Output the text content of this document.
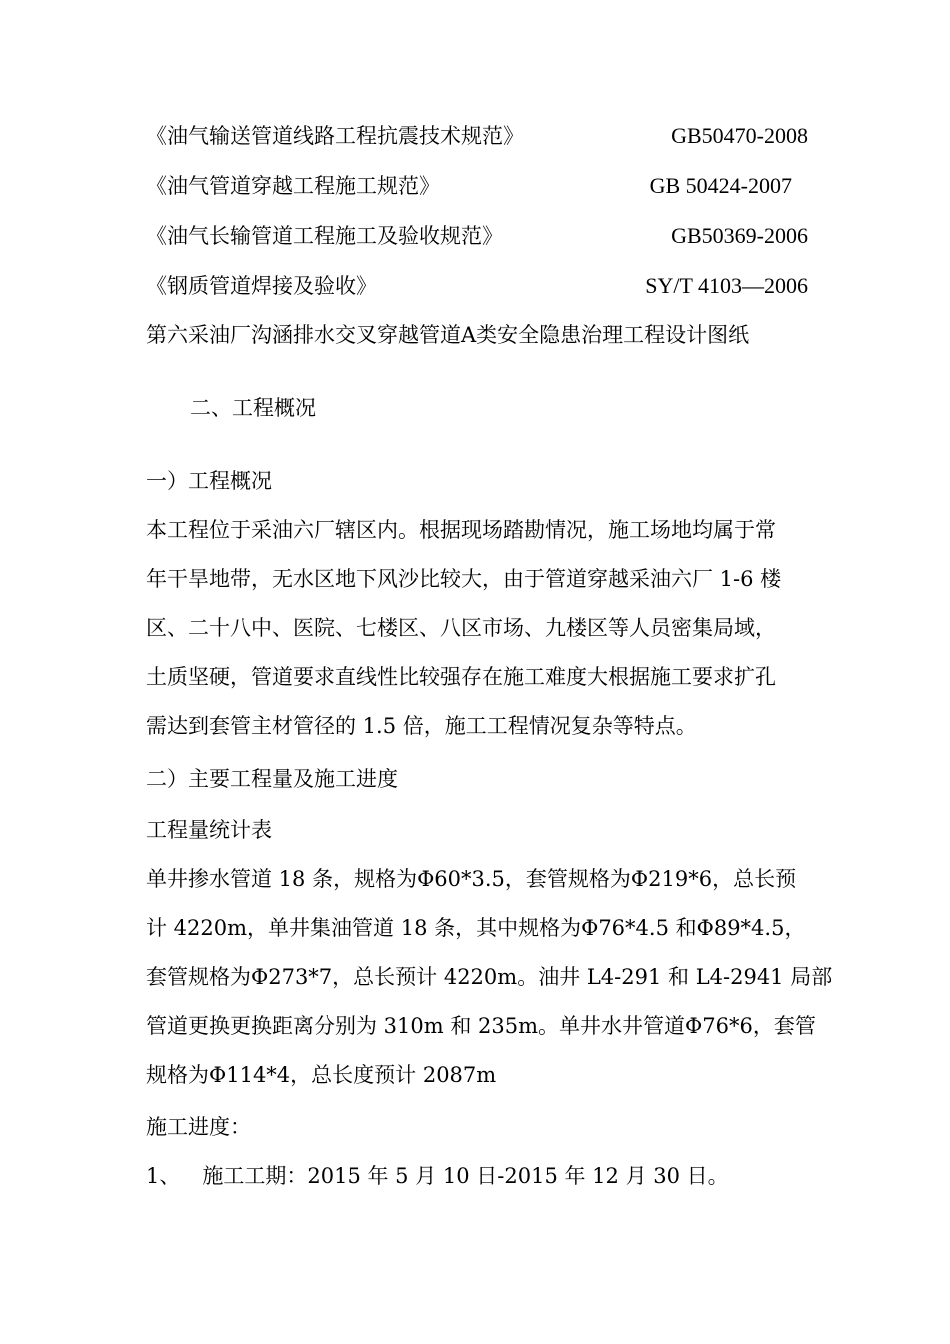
《油气输送管道线路工程抗震技术规范》	GB50470-2008
《油气管道穿越工程施工规范》	GB 50424-2007
《油气长输管道工程施工及验收规范》	GB50369-2006
《钢质管道焊接及验收》	SY/T 4103—2006
第六采油厂沟涵排水交叉穿越管道A类安全隐患治理工程设计图纸
二、工程概况
一）工程概况
本工程位于采油六厂辖区内。根据现场踏勘情况，施工场地均属于常
年干旱地带，无水区地下风沙比较大，由于管道穿越采油六厂 1-6 楼
区、二十八中、医院、七楼区、八区市场、九楼区等人员密集局域，
土质坚硬，管道要求直线性比较强存在施工难度大根据施工要求扩孔
需达到套管主材管径的 1.5 倍，施工工程情况复杂等特点。
二）主要工程量及施工进度
工程量统计表
单井掺水管道 18 条，规格为Φ60*3.5，套管规格为Φ219*6，总长预
计 4220m，单井集油管道 18 条，其中规格为Φ76*4.5 和Φ89*4.5，
套管规格为Φ273*7，总长预计 4220m。油井 L4-291 和 L4-2941 局部
管道更换更换距离分别为 310m 和 235m。单井水井管道Φ76*6，套管
规格为Φ114*4，总长度预计 2087m
施工进度：
1、 施工工期：2015 年 5 月 10 日-2015 年 12 月 30 日。
